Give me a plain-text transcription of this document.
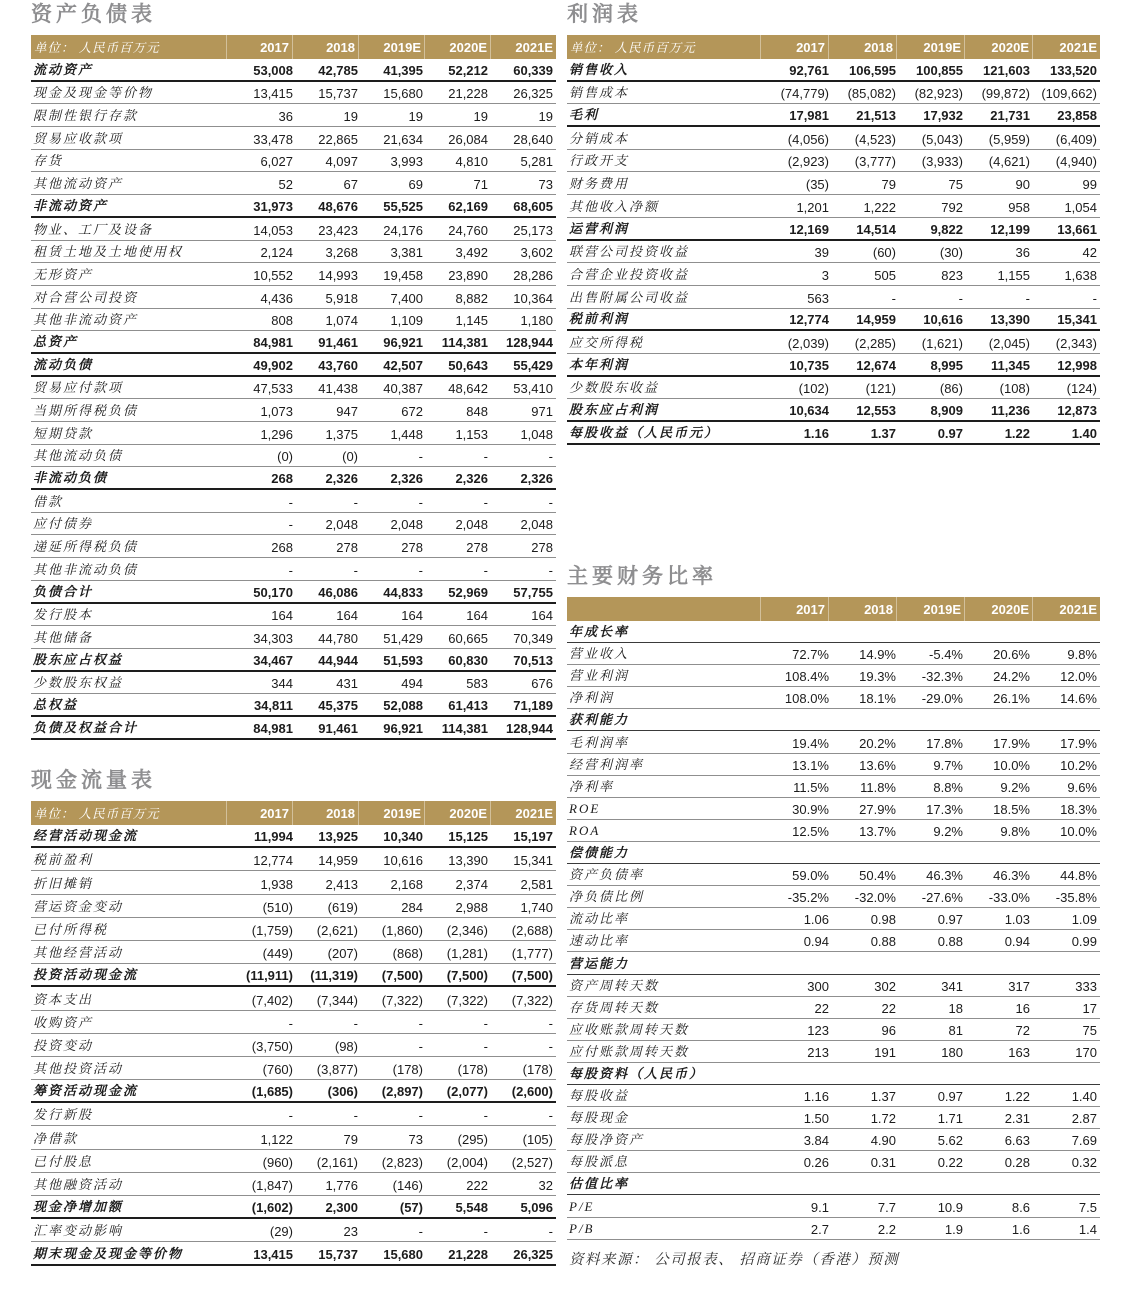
资产负债表
单位： 人民币百万元	2017	2018	2019E	2020E	2021E
流动资产	53,008	42,785	41,395	52,212	60,339
现金及现金等价物	13,415	15,737	15,680	21,228	26,325
限制性银行存款	36	19	19	19	19
贸易应收款项	33,478	22,865	21,634	26,084	28,640
存货	6,027	4,097	3,993	4,810	5,281
其他流动资产	52	67	69	71	73
非流动资产	31,973	48,676	55,525	62,169	68,605
物业、工厂及设备	14,053	23,423	24,176	24,760	25,173
租赁土地及土地使用权	2,124	3,268	3,381	3,492	3,602
无形资产	10,552	14,993	19,458	23,890	28,286
对合营公司投资	4,436	5,918	7,400	8,882	10,364
其他非流动资产	808	1,074	1,109	1,145	1,180
总资产	84,981	91,461	96,921	114,381	128,944
流动负债	49,902	43,760	42,507	50,643	55,429
贸易应付款项	47,533	41,438	40,387	48,642	53,410
当期所得税负债	1,073	947	672	848	971
短期贷款	1,296	1,375	1,448	1,153	1,048
其他流动负债	(0)	(0)	-	-	-
非流动负债	268	2,326	2,326	2,326	2,326
借款	-	-	-	-	-
应付债券	-	2,048	2,048	2,048	2,048
递延所得税负债	268	278	278	278	278
其他非流动负债	-	-	-	-	-
负债合计	50,170	46,086	44,833	52,969	57,755
发行股本	164	164	164	164	164
其他储备	34,303	44,780	51,429	60,665	70,349
股东应占权益	34,467	44,944	51,593	60,830	70,513
少数股东权益	344	431	494	583	676
总权益	34,811	45,375	52,088	61,413	71,189
负债及权益合计	84,981	91,461	96,921	114,381	128,944
利润表
单位： 人民币百万元	2017	2018	2019E	2020E	2021E
销售收入	92,761	106,595	100,855	121,603	133,520
销售成本	(74,779)	(85,082)	(82,923)	(99,872) (109,662)
毛利	17,981	21,513	17,932	21,731	23,858
分销成本	(4,056)	(4,523)	(5,043)	(5,959)	(6,409)
行政开支	(2,923)	(3,777)	(3,933)	(4,621)	(4,940)
财务费用	(35)	79	75	90	99
其他收入净额	1,201	1,222	792	958	1,054
运营利润	12,169	14,514	9,822	12,199	13,661
联营公司投资收益	39	(60)	(30)	36	42
合营企业投资收益	3	505	823	1,155	1,638
出售附属公司收益	563	-	-	-	-
税前利润	12,774	14,959	10,616	13,390	15,341
应交所得税	(2,039)	(2,285)	(1,621)	(2,045)	(2,343)
本年利润	10,735	12,674	8,995	11,345	12,998
少数股东收益	(102)	(121)	(86)	(108)	(124)
股东应占利润	10,634	12,553	8,909	11,236	12,873
每股收益（人民币元）	1.16	1.37	0.97	1.22	1.40
现金流量表
单位： 人民币百万元	2017	2018	2019E	2020E	2021E
经营活动现金流	11,994	13,925	10,340	15,125	15,197
税前盈利	12,774	14,959	10,616	13,390	15,341
折旧摊销	1,938	2,413	2,168	2,374	2,581
营运资金变动	(510)	(619)	284	2,988	1,740
已付所得税	(1,759)	(2,621)	(1,860)	(2,346)	(2,688)
其他经营活动	(449)	(207)	(868)	(1,281)	(1,777)
投资活动现金流	(11,911)	(11,319)	(7,500)	(7,500)	(7,500)
资本支出	(7,402)	(7,344)	(7,322)	(7,322)	(7,322)
收购资产	-	-	-	-	-
投资变动	(3,750)	(98)	-	-	-
其他投资活动	(760)	(3,877)	(178)	(178)	(178)
筹资活动现金流	(1,685)	(306)	(2,897)	(2,077)	(2,600)
发行新股	-	-	-	-	-
净借款	1,122	79	73	(295)	(105)
已付股息	(960)	(2,161)	(2,823)	(2,004)	(2,527)
其他融资活动	(1,847)	1,776	(146)	222	32
现金净增加额	(1,602)	2,300	(57)	5,548	5,096
汇率变动影响	(29)	23	-	-	-
期末现金及现金等价物	13,415	15,737	15,680	21,228	26,325
主要财务比率
2017	2018	2019E	2020E	2021E
年成长率
营业收入	72.7%	14.9%	-5.4%	20.6%	9.8%
营业利润	108.4%	19.3%	-32.3%	24.2%	12.0%
净利润	108.0%	18.1%	-29.0%	26.1%	14.6%
获利能力
毛利润率	19.4%	20.2%	17.8%	17.9%	17.9%
经营利润率	13.1%	13.6%	9.7%	10.0%	10.2%
净利率	11.5%	11.8%	8.8%	9.2%	9.6%
ROE	30.9%	27.9%	17.3%	18.5%	18.3%
ROA	12.5%	13.7%	9.2%	9.8%	10.0%
偿债能力
资产负债率	59.0%	50.4%	46.3%	46.3%	44.8%
净负债比例	-35.2%	-32.0%	-27.6%	-33.0%	-35.8%
流动比率	1.06	0.98	0.97	1.03	1.09
速动比率	0.94	0.88	0.88	0.94	0.99
营运能力
资产周转天数	300	302	341	317	333
存货周转天数	22	22	18	16	17
应收账款周转天数	123	96	81	72	75
应付账款周转天数	213	191	180	163	170
每股资料（人民币）
每股收益	1.16	1.37	0.97	1.22	1.40
每股现金	1.50	1.72	1.71	2.31	2.87
每股净资产	3.84	4.90	5.62	6.63	7.69
每股派息	0.26	0.31	0.22	0.28	0.32
估值比率
P/E	9.1	7.7	10.9	8.6	7.5
P/B	2.7	2.2	1.9	1.6	1.4
资料来源： 公司报表、 招商证券（香港）预测
